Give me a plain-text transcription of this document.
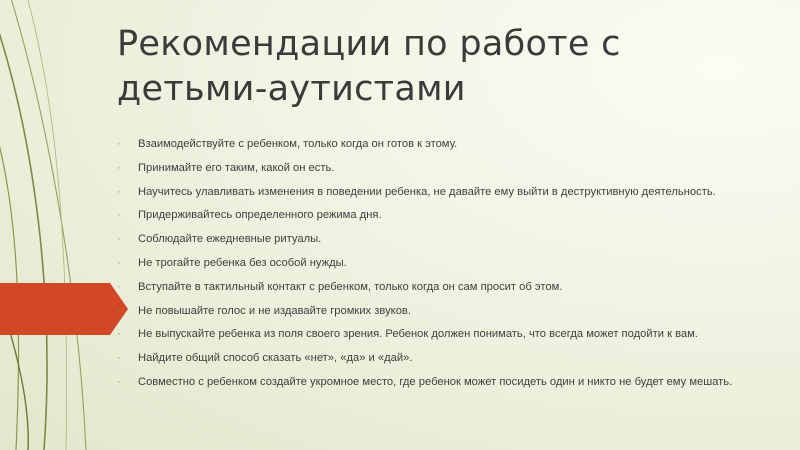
Рекомендации по работе с
детьми-аутистами
· Взаимодействуйте с ребенком, только когда он готов к этому.
· Принимайте его таким, какой он есть.
· Научитесь улавливать изменения в поведении ребенка, не давайте ему выйти в деструктивную деятельность.
· Придерживайтесь определенного режима дня.
· Соблюдайте ежедневные ритуалы.
· Не трогайте ребенка без особой нужды.
· Вступайте в тактильный контакт с ребенком, только когда он сам просит об этом.
· Не повышайте голос и не издавайте громких звуков.
· Не выпускайте ребенка из поля своего зрения. Ребенок должен понимать, что всегда может подойти к вам.
· Найдите общий способ сказать «нет», «да» и «дай».
· Совместно с ребенком создайте укромное место, где ребенок может посидеть один и никто не будет ему мешать.
